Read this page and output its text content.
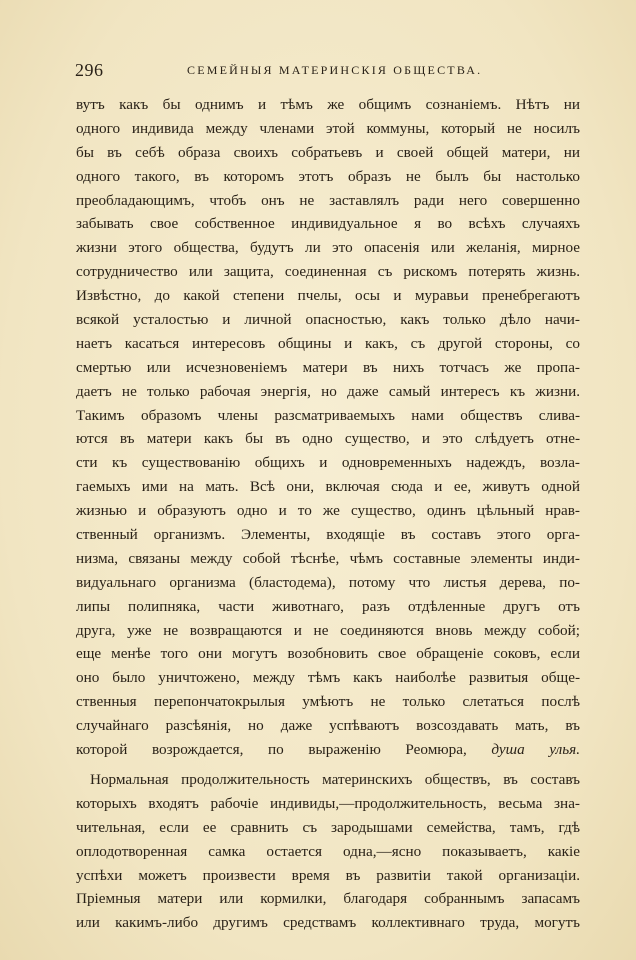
296	СЕМЕЙНЫЯ МАТЕРИНСКІЯ ОБЩЕСТВА.
вутъ какъ бы однимъ и тѣмъ же общимъ сознаніемъ. Нѣтъ ни
одного индивида между членами этой коммуны, который не носилъ
бы въ себѣ образа своихъ собратьевъ и своей общей матери, ни
одного такого, въ которомъ этотъ образъ не былъ бы настолько
преобладающимъ, чтобъ онъ не заставлялъ ради него совершенно
забывать свое собственное индивидуальное я во всѣхъ случаяхъ
жизни этого общества, будутъ ли это опасенія или желанія, мирное
сотрудничество или защита, соединенная съ рискомъ потерять жизнь.
Извѣстно, до какой степени пчелы, осы и муравьи пренебрегаютъ
всякой усталостью и личной опасностью, какъ только дѣло начи-
наетъ касаться интересовъ общины и какъ, съ другой стороны, со
смертью или исчезновеніемъ матери въ нихъ тотчасъ же пропа-
даетъ не только рабочая энергія, но даже самый интересъ къ жизни.
Такимъ образомъ члены разсматриваемыхъ нами обществъ слива-
ются въ матери какъ бы въ одно существо, и это слѣдуетъ отне-
сти къ существованію общихъ и одновременныхъ надеждъ, возла-
гаемыхъ ими на мать. Всѣ они, включая сюда и ее, живутъ одной
жизнью и образуютъ одно и то же существо, одинъ цѣльный нрав-
ственный организмъ. Элементы, входящіе въ составъ этого орга-
низма, связаны между собой тѣснѣе, чѣмъ составные элементы инди-
видуальнаго организма (бластодема), потому что листья дерева, по-
липы полипняка, части животнаго, разъ отдѣленные другъ отъ
друга, уже не возвращаются и не соединяются вновь между собой;
еще менѣе того они могутъ возобновить свое обращеніе соковъ, если
оно было уничтожено, между тѣмъ какъ наиболѣе развитыя обще-
ственныя перепончатокрылыя умѣютъ не только слетаться послѣ
случайнаго разсѣянія, но даже успѣваютъ возсоздавать мать, въ
которой возрождается, по выраженію Реомюра, душа улья.
Нормальная продолжительность материнскихъ обществъ, въ составъ
которыхъ входятъ рабочіе индивиды,—продолжительность, весьма зна-
чительная, если ее сравнить съ зародышами семейства, тамъ, гдѣ
оплодотворенная самка остается одна,—ясно показываетъ, какіе
успѣхи можетъ произвести время въ развитіи такой организаціи.
Пріемныя матери или кормилки, благодаря собраннымъ запасамъ
или какимъ-либо другимъ средствамъ коллективнаго труда, могутъ
